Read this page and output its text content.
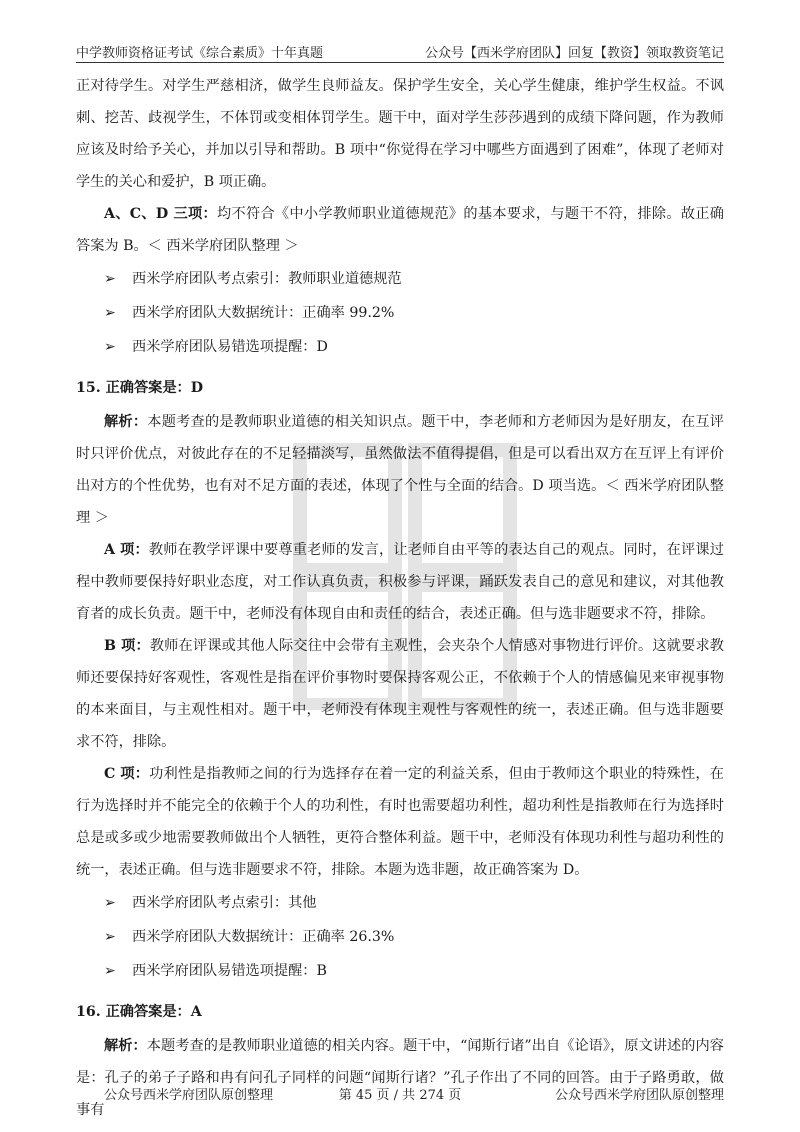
中学教师资格证考试《综合素质》十年真题	公众号【西米学府团队】回复【教资】领取教资笔记

正对待学生。对学生严慈相济，做学生良师益友。保护学生安全，关心学生健康，维护学生权益。不讽刺、挖苦、歧视学生，不体罚或变相体罚学生。题干中，面对学生莎莎遇到的成绩下降问题，作为教师应该及时给予关心，并加以引导和帮助。B 项中“你觉得在学习中哪些方面遇到了困难”，体现了老师对学生的关心和爱护，B 项正确。

A、C、D 三项：均不符合《中小学教师职业道德规范》的基本要求，与题干不符，排除。故正确答案为 B。＜ 西米学府团队整理 ＞

➢	西米学府团队考点索引：教师职业道德规范
➢	西米学府团队大数据统计：正确率 99.2%
➢	西米学府团队易错选项提醒：D

15. 正确答案是：D

解析：本题考查的是教师职业道德的相关知识点。题干中，李老师和方老师因为是好朋友，在互评时只评价优点，对彼此存在的不足轻描淡写，虽然做法不值得提倡，但是可以看出双方在互评上有评价出对方的个性优势，也有对不足方面的表述，体现了个性与全面的结合。D 项当选。＜ 西米学府团队整理 ＞

A 项：教师在教学评课中要尊重老师的发言，让老师自由平等的表达自己的观点。同时，在评课过程中教师要保持好职业态度，对工作认真负责，积极参与评课，踊跃发表自己的意见和建议，对其他教育者的成长负责。题干中，老师没有体现自由和责任的结合，表述正确。但与选非题要求不符，排除。

B 项：教师在评课或其他人际交往中会带有主观性，会夹杂个人情感对事物进行评价。这就要求教师还要保持好客观性，客观性是指在评价事物时要保持客观公正，不依赖于个人的情感偏见来审视事物的本来面目，与主观性相对。题干中，老师没有体现主观性与客观性的统一，表述正确。但与选非题要求不符，排除。

C 项：功利性是指教师之间的行为选择存在着一定的利益关系，但由于教师这个职业的特殊性，在行为选择时并不能完全的依赖于个人的功利性，有时也需要超功利性，超功利性是指教师在行为选择时总是或多或少地需要教师做出个人牺牲，更符合整体利益。题干中，老师没有体现功利性与超功利性的统一，表述正确。但与选非题要求不符，排除。本题为选非题，故正确答案为 D。

➢	西米学府团队考点索引：其他
➢	西米学府团队大数据统计：正确率 26.3%
➢	西米学府团队易错选项提醒：B

16. 正确答案是：A

解析：本题考查的是教师职业道德的相关内容。题干中，“闻斯行诸”出自《论语》，原文讲述的内容是：孔子的弟子子路和冉有问孔子同样的问题“闻斯行诸？”孔子作出了不同的回答。由于子路勇敢，做事有

公众号西米学府团队原创整理	第 45 页 / 共 274 页	公众号西米学府团队原创整理
